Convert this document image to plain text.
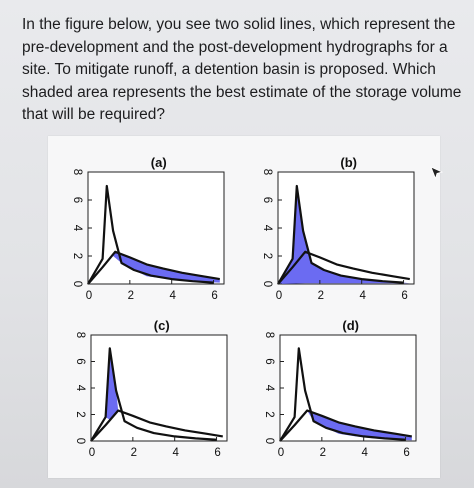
In the figure below, you see two solid lines, which represent the pre-development and the post-development hydrographs for a site. To mitigate runoff, a detention basin is proposed. Which shaded area represents the best estimate of the storage volume that will be required?

(a)
0	2	4	6
0
2
4
6
8
(b)
0	2	4	6
0
2
4
6
8
(c)
0	2	4	6
0
2
4
6
8
(d)
0	2	4	6
0
2
4
6
8
